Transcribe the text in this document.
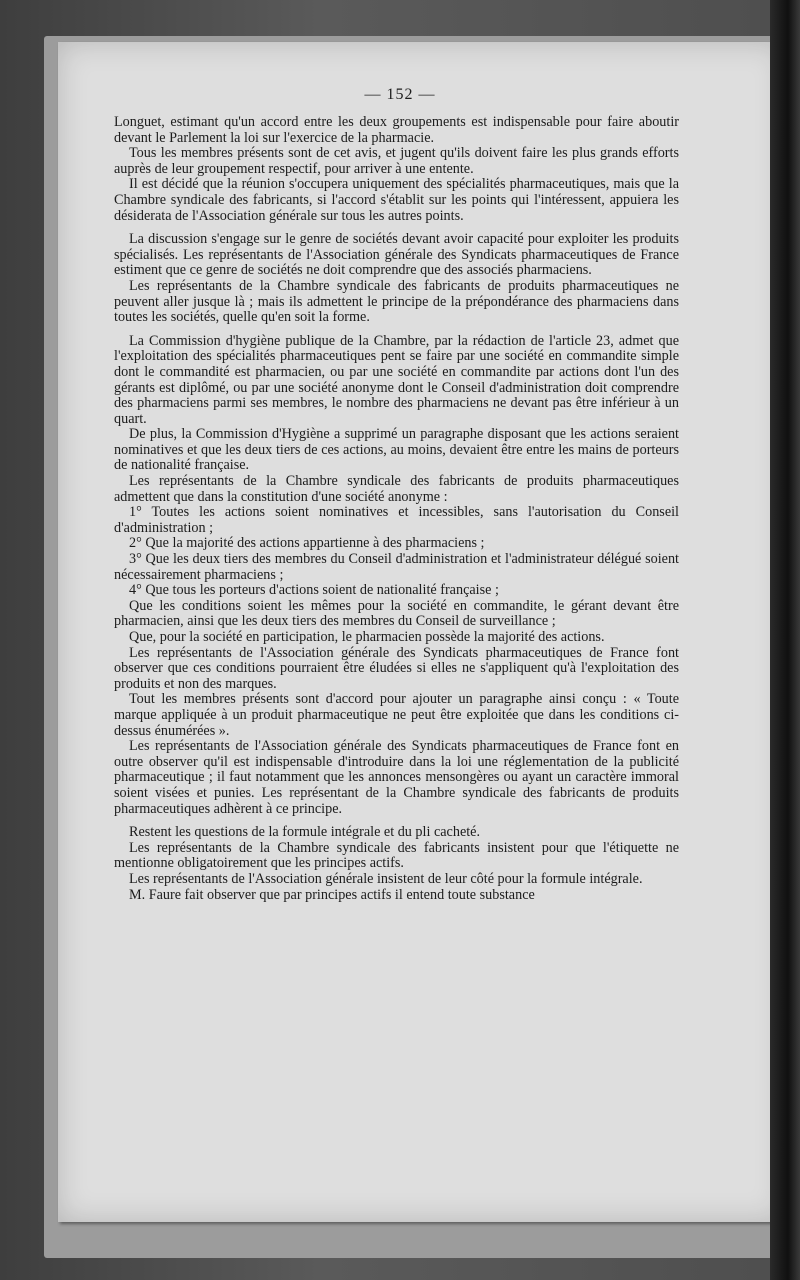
— 152 —

Longuet, estimant qu'un accord entre les deux groupements est indispensable pour faire aboutir devant le Parlement la loi sur l'exercice de la pharmacie.

Tous les membres présents sont de cet avis, et jugent qu'ils doivent faire les plus grands efforts auprès de leur groupement respectif, pour arriver à une entente.

Il est décidé que la réunion s'occupera uniquement des spécialités pharmaceutiques, mais que la Chambre syndicale des fabricants, si l'accord s'établit sur les points qui l'intéressent, appuiera les désiderata de l'Association générale sur tous les autres points.

La discussion s'engage sur le genre de sociétés devant avoir capacité pour exploiter les produits spécialisés. Les représentants de l'Association générale des Syndicats pharmaceutiques de France estiment que ce genre de sociétés ne doit comprendre que des associés pharmaciens.

Les représentants de la Chambre syndicale des fabricants de produits pharmaceutiques ne peuvent aller jusque là ; mais ils admettent le principe de la prépondérance des pharmaciens dans toutes les sociétés, quelle qu'en soit la forme.

La Commission d'hygiène publique de la Chambre, par la rédaction de l'article 23, admet que l'exploitation des spécialités pharmaceutiques pent se faire par une société en commandite simple dont le commandité est pharmacien, ou par une société en commandite par actions dont l'un des gérants est diplômé, ou par une société anonyme dont le Conseil d'administration doit comprendre des pharmaciens parmi ses membres, le nombre des pharmaciens ne devant pas être inférieur à un quart.

De plus, la Commission d'Hygiène a supprimé un paragraphe disposant que les actions seraient nominatives et que les deux tiers de ces actions, au moins, devaient être entre les mains de porteurs de nationalité française.

Les représentants de la Chambre syndicale des fabricants de produits pharmaceutiques admettent que dans la constitution d'une société anonyme :

1° Toutes les actions soient nominatives et incessibles, sans l'autorisation du Conseil d'administration ;

2° Que la majorité des actions appartienne à des pharmaciens ;

3° Que les deux tiers des membres du Conseil d'administration et l'administrateur délégué soient nécessairement pharmaciens ;

4° Que tous les porteurs d'actions soient de nationalité française ;

Que les conditions soient les mêmes pour la société en commandite, le gérant devant être pharmacien, ainsi que les deux tiers des membres du Conseil de surveillance ;

Que, pour la société en participation, le pharmacien possède la majorité des actions.

Les représentants de l'Association générale des Syndicats pharmaceutiques de France font observer que ces conditions pourraient être éludées si elles ne s'appliquent qu'à l'exploitation des produits et non des marques.

Tout les membres présents sont d'accord pour ajouter un paragraphe ainsi conçu : « Toute marque appliquée à un produit pharmaceutique ne peut être exploitée que dans les conditions ci-dessus énumérées ».

Les représentants de l'Association générale des Syndicats pharmaceutiques de France font en outre observer qu'il est indispensable d'introduire dans la loi une réglementation de la publicité pharmaceutique ; il faut notamment que les annonces mensongères ou ayant un caractère immoral soient visées et punies. Les représentant de la Chambre syndicale des fabricants de produits pharmaceutiques adhèrent à ce principe.

Restent les questions de la formule intégrale et du pli cacheté.

Les représentants de la Chambre syndicale des fabricants insistent pour que l'étiquette ne mentionne obligatoirement que les principes actifs.

Les représentants de l'Association générale insistent de leur côté pour la formule intégrale.

M. Faure fait observer que par principes actifs il entend toute substance
